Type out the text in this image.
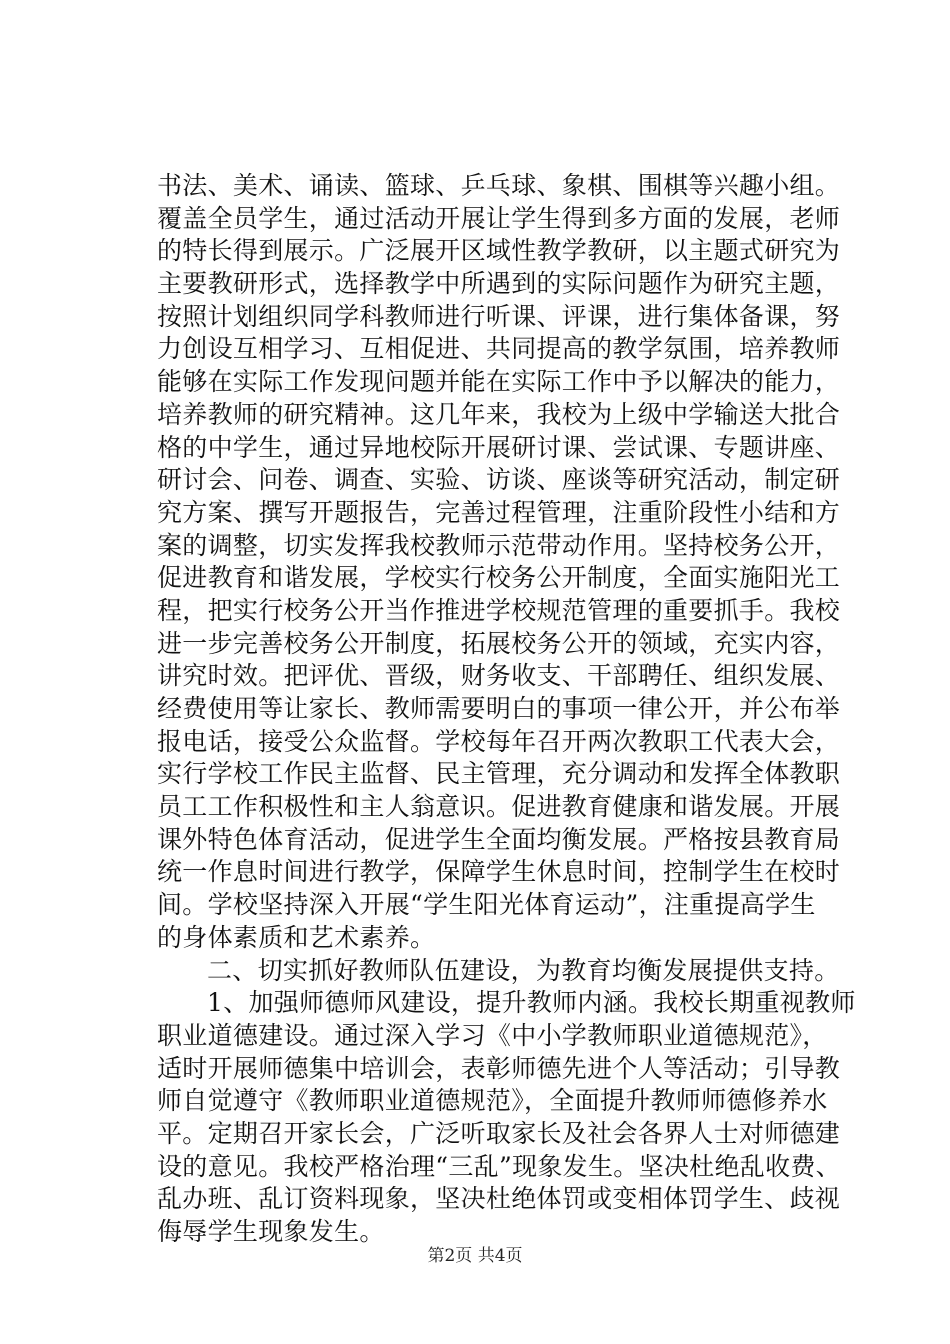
书法、美术、诵读、篮球、乒乓球、象棋、围棋等兴趣小组。
覆盖全员学生，通过活动开展让学生得到多方面的发展，老师
的特长得到展示。广泛展开区域性教学教研，以主题式研究为
主要教研形式，选择教学中所遇到的实际问题作为研究主题，
按照计划组织同学科教师进行听课、评课，进行集体备课，努
力创设互相学习、互相促进、共同提高的教学氛围，培养教师
能够在实际工作发现问题并能在实际工作中予以解决的能力，
培养教师的研究精神。这几年来，我校为上级中学输送大批合
格的中学生，通过异地校际开展研讨课、尝试课、专题讲座、
研讨会、问卷、调查、实验、访谈、座谈等研究活动，制定研
究方案、撰写开题报告，完善过程管理，注重阶段性小结和方
案的调整，切实发挥我校教师示范带动作用。坚持校务公开，
促进教育和谐发展，学校实行校务公开制度，全面实施阳光工
程，把实行校务公开当作推进学校规范管理的重要抓手。我校
进一步完善校务公开制度，拓展校务公开的领域，充实内容，
讲究时效。把评优、晋级，财务收支、干部聘任、组织发展、
经费使用等让家长、教师需要明白的事项一律公开，并公布举
报电话，接受公众监督。学校每年召开两次教职工代表大会，
实行学校工作民主监督、民主管理，充分调动和发挥全体教职
员工工作积极性和主人翁意识。促进教育健康和谐发展。开展
课外特色体育活动，促进学生全面均衡发展。严格按县教育局
统一作息时间进行教学，保障学生休息时间，控制学生在校时
间。学校坚持深入开展“学生阳光体育运动”，注重提高学生
的身体素质和艺术素养。
二、切实抓好教师队伍建设，为教育均衡发展提供支持。
1、加强师德师风建设，提升教师内涵。我校长期重视教师
职业道德建设。通过深入学习《中小学教师职业道德规范》，
适时开展师德集中培训会，表彰师德先进个人等活动；引导教
师自觉遵守《教师职业道德规范》，全面提升教师师德修养水
平。定期召开家长会，广泛听取家长及社会各界人士对师德建
设的意见。我校严格治理“三乱”现象发生。坚决杜绝乱收费、
乱办班、乱订资料现象，坚决杜绝体罚或变相体罚学生、歧视
侮辱学生现象发生。
第2页 共4页
